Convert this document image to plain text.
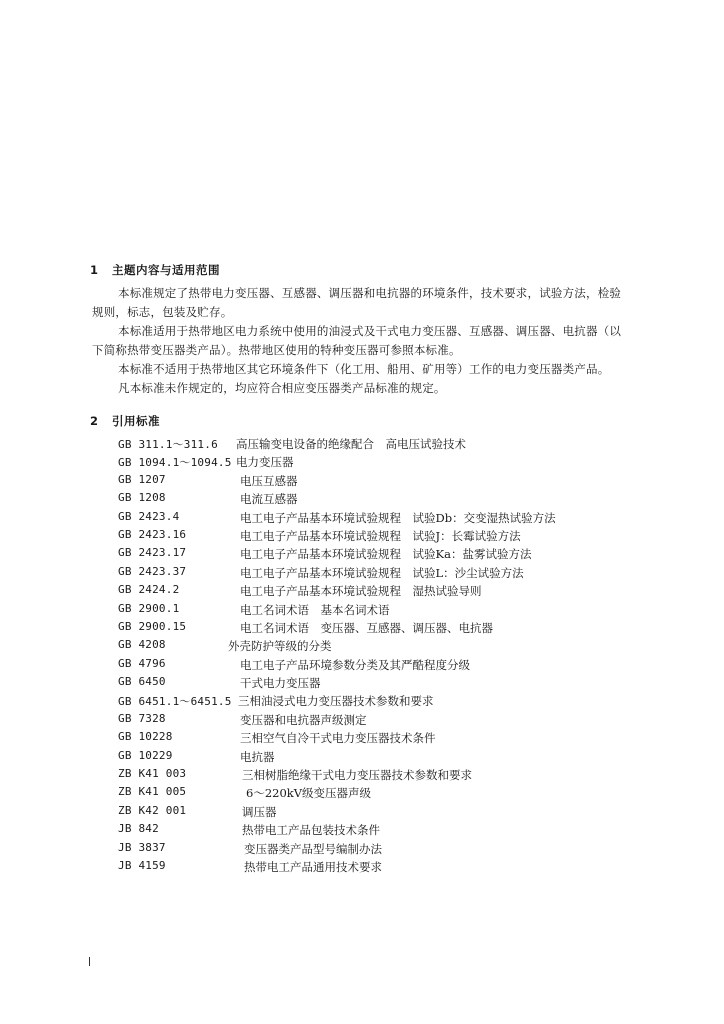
1 主题内容与适用范围
本标准规定了热带电力变压器、互感器、调压器和电抗器的环境条件，技术要求，试验方法，检验
规则，标志，包装及贮存。
本标准适用于热带地区电力系统中使用的油浸式及干式电力变压器、互感器、调压器、电抗器（以
下简称热带变压器类产品）。热带地区使用的特种变压器可参照本标准。
本标准不适用于热带地区其它环境条件下（化工用、船用、矿用等）工作的电力变压器类产品。
凡本标准未作规定的，均应符合相应变压器类产品标准的规定。
2 引用标准
GB 311.1～311.6 高压输变电设备的绝缘配合　高电压试验技术
GB 1094.1～1094.5 电力变压器
GB 1207	电压互感器
GB 1208	电流互感器
GB 2423.4	电工电子产品基本环境试验规程　试验Db：交变湿热试验方法
GB 2423.16	电工电子产品基本环境试验规程　试验J：长霉试验方法
GB 2423.17	电工电子产品基本环境试验规程　试验Ka：盐雾试验方法
GB 2423.37	电工电子产品基本环境试验规程　试验L：沙尘试验方法
GB 2424.2	电工电子产品基本环境试验规程　湿热试验导则
GB 2900.1	电工名词术语　基本名词术语
GB 2900.15	电工名词术语　变压器、互感器、调压器、电抗器
GB 4208	外壳防护等级的分类
GB 4796	电工电子产品环境参数分类及其严酷程度分级
GB 6450	干式电力变压器
GB 6451.1～6451.5 三相油浸式电力变压器技术参数和要求
GB 7328	变压器和电抗器声级测定
GB 10228	三相空气自冷干式电力变压器技术条件
GB 10229	电抗器
ZB K41 003	三相树脂绝缘干式电力变压器技术参数和要求
ZB K41 005	6～220kV级变压器声级
ZB K42 001	调压器
JB 842	热带电工产品包装技术条件
JB 3837	变压器类产品型号编制办法
JB 4159	热带电工产品通用技术要求
